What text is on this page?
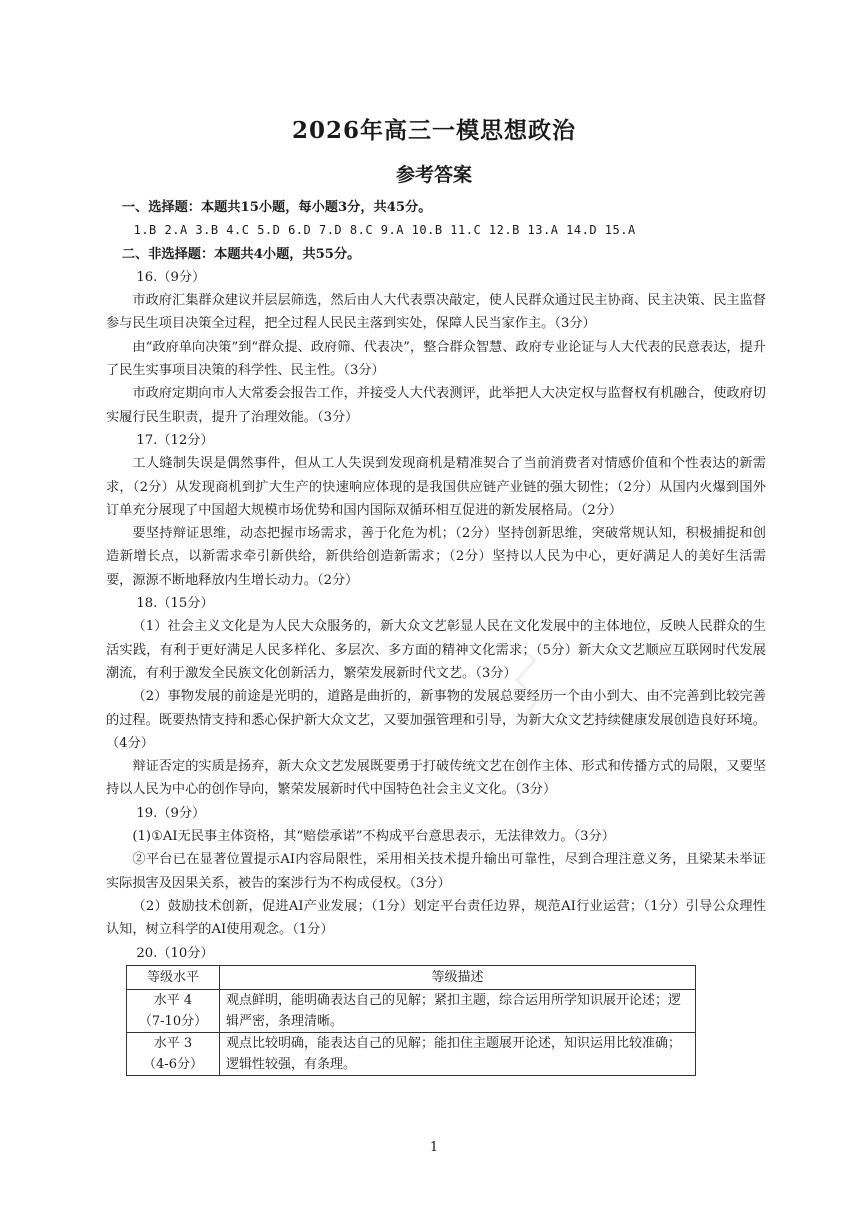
2026年高三一模思想政治
参考答案

一、选择题：本题共15小题，每小题3分，共45分。

1.B 2.A 3.B 4.C 5.D 6.D 7.D 8.C 9.A 10.B 11.C 12.B 13.A 14.D 15.A

二、非选择题：本题共4小题，共55分。

16.（9分）

市政府汇集群众建议并层层筛选，然后由人大代表票决敲定，使人民群众通过民主协商、民主决策、民主监督参与民生项目决策全过程，把全过程人民民主落到实处，保障人民当家作主。（3分）

由“政府单向决策”到“群众提、政府筛、代表决”，整合群众智慧、政府专业论证与人大代表的民意表达，提升了民生实事项目决策的科学性、民主性。（3分）

市政府定期向市人大常委会报告工作，并接受人大代表测评，此举把人大决定权与监督权有机融合，使政府切实履行民生职责，提升了治理效能。（3分）

17.（12分）

工人缝制失误是偶然事件，但从工人失误到发现商机是精准契合了当前消费者对情感价值和个性表达的新需求，（2分）从发现商机到扩大生产的快速响应体现的是我国供应链产业链的强大韧性；（2分）从国内火爆到国外订单充分展现了中国超大规模市场优势和国内国际双循环相互促进的新发展格局。（2分）

要坚持辩证思维，动态把握市场需求，善于化危为机；（2分）坚持创新思维，突破常规认知，积极捕捉和创造新增长点，以新需求牵引新供给，新供给创造新需求；（2分）坚持以人民为中心，更好满足人的美好生活需要，源源不断地释放内生增长动力。（2分）

18.（15分）

（1）社会主义文化是为人民大众服务的，新大众文艺彰显人民在文化发展中的主体地位，反映人民群众的生活实践，有利于更好满足人民多样化、多层次、多方面的精神文化需求；（5分）新大众文艺顺应互联网时代发展潮流，有利于激发全民族文化创新活力，繁荣发展新时代文艺。（3分）

（2）事物发展的前途是光明的，道路是曲折的，新事物的发展总要经历一个由小到大、由不完善到比较完善的过程。既要热情支持和悉心保护新大众文艺，又要加强管理和引导，为新大众文艺持续健康发展创造良好环境。（4分）

辩证否定的实质是扬弃，新大众文艺发展既要勇于打破传统文艺在创作主体、形式和传播方式的局限，又要坚持以人民为中心的创作导向，繁荣发展新时代中国特色社会主义文化。（3分）

19.（9分）

(1)①AI无民事主体资格，其“赔偿承诺”不构成平台意思表示，无法律效力。（3分）

②平台已在显著位置提示AI内容局限性，采用相关技术提升输出可靠性，尽到合理注意义务，且梁某未举证实际损害及因果关系，被告的案涉行为不构成侵权。（3分）

（2）鼓励技术创新，促进AI产业发展；（1分）划定平台责任边界，规范AI行业运营；（1分）引导公众理性认知，树立科学的AI使用观念。（1分）

20.（10分）

等级水平	等级描述

水平 4
（7-10分）	观点鲜明，能明确表达自己的见解；紧扣主题，综合运用所学知识展开论述；逻辑严密，条理清晰。

水平 3
（4-6分）	观点比较明确，能表达自己的见解；能扣住主题展开论述，知识运用比较准确；逻辑性较强，有条理。
1
